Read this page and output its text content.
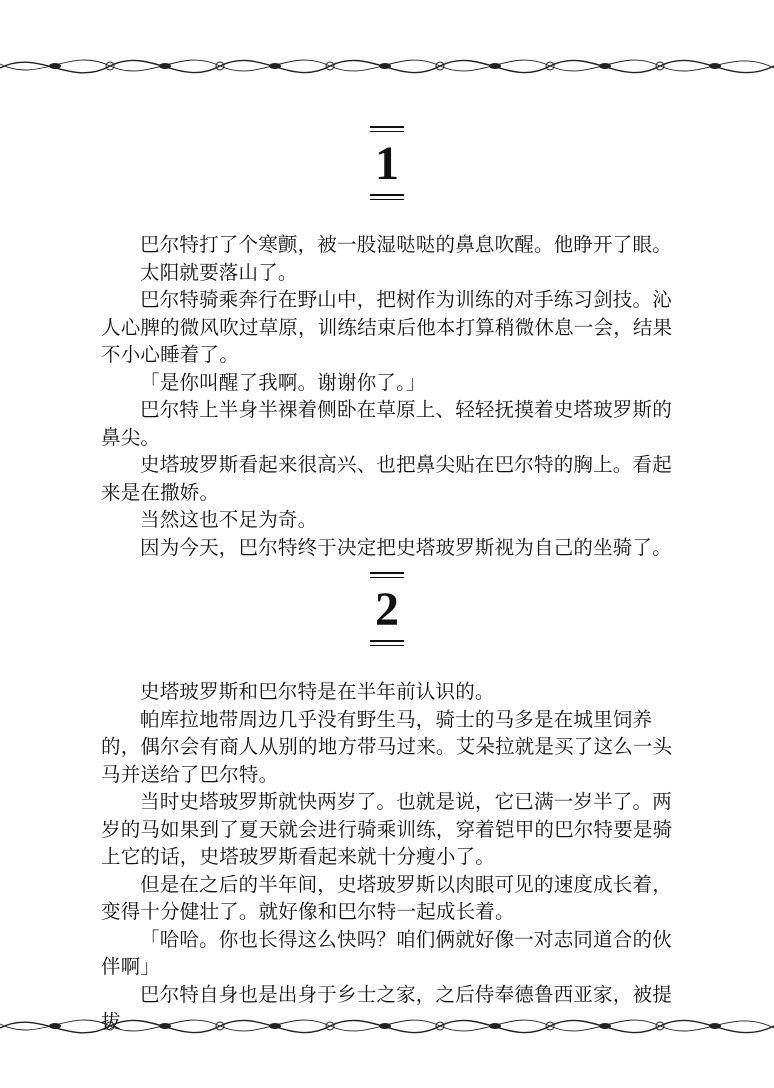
1

巴尔特打了个寒颤，被一股湿哒哒的鼻息吹醒。他睁开了眼。

太阳就要落山了。

巴尔特骑乘奔行在野山中，把树作为训练的对手练习剑技。沁人心脾的微风吹过草原，训练结束后他本打算稍微休息一会，结果不小心睡着了。

「是你叫醒了我啊。谢谢你了。」

巴尔特上半身半裸着侧卧在草原上、轻轻抚摸着史塔玻罗斯的鼻尖。

史塔玻罗斯看起来很高兴、也把鼻尖贴在巴尔特的胸上。看起来是在撒娇。

当然这也不足为奇。

因为今天，巴尔特终于决定把史塔玻罗斯视为自己的坐骑了。

2

史塔玻罗斯和巴尔特是在半年前认识的。

帕库拉地带周边几乎没有野生马，骑士的马多是在城里饲养的，偶尔会有商人从别的地方带马过来。艾朵拉就是买了这么一头马并送给了巴尔特。

当时史塔玻罗斯就快两岁了。也就是说，它已满一岁半了。两岁的马如果到了夏天就会进行骑乘训练，穿着铠甲的巴尔特要是骑上它的话，史塔玻罗斯看起来就十分瘦小了。

但是在之后的半年间，史塔玻罗斯以肉眼可见的速度成长着，变得十分健壮了。就好像和巴尔特一起成长着。

「哈哈。你也长得这么快吗？咱们俩就好像一对志同道合的伙伴啊」

巴尔特自身也是出身于乡士之家，之后侍奉德鲁西亚家，被提拔
